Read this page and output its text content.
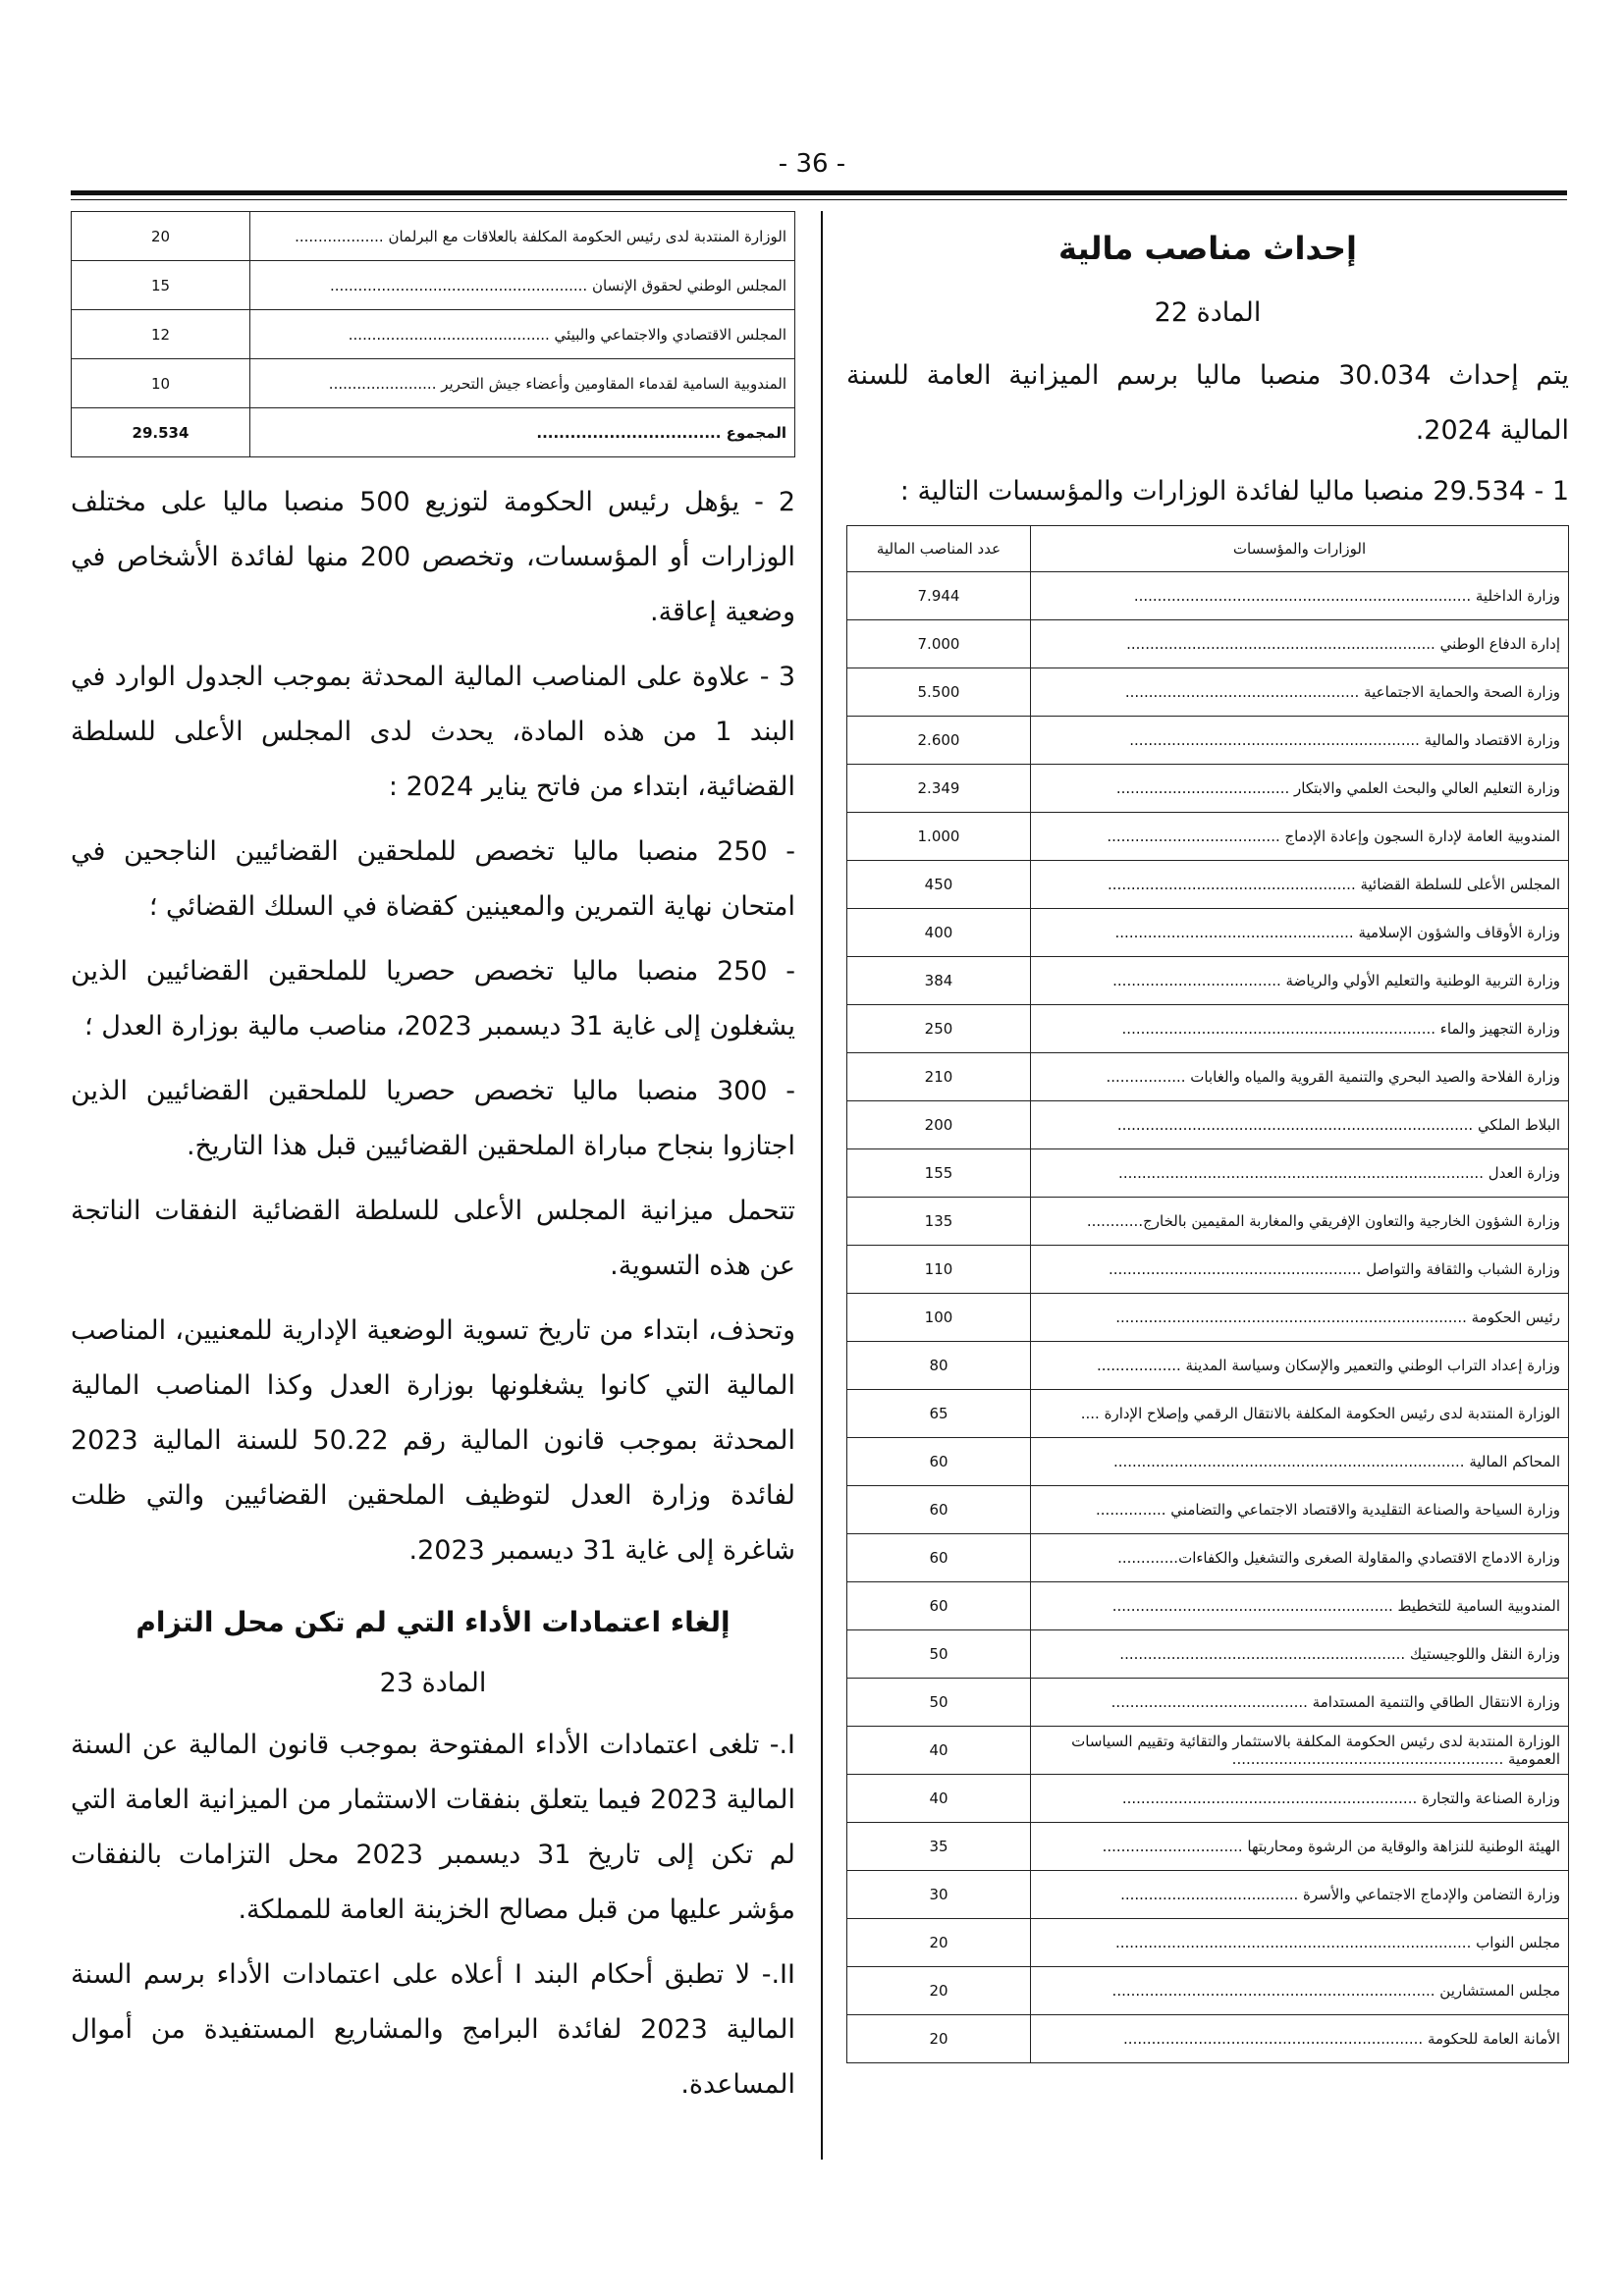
- 36 -
إحداث مناصب مالية
المادة 22

يتم إحداث 30.034 منصبا ماليا برسم الميزانية العامة للسنة المالية 2024.

1 - 29.534 منصبا ماليا لفائدة الوزارات والمؤسسات التالية :

الوزارات والمؤسسات	عدد المناصب المالية
وزارة الداخلية ........................................................................	7.944
إدارة الدفاع الوطني ..................................................................	7.000
وزارة الصحة والحماية الاجتماعية ..................................................	5.500
وزارة الاقتصاد والمالية ..............................................................	2.600
وزارة التعليم العالي والبحث العلمي والابتكار .....................................	2.349
المندوبية العامة لإدارة السجون وإعادة الإدماج .....................................	1.000
المجلس الأعلى للسلطة القضائية .....................................................	450
وزارة الأوقاف والشؤون الإسلامية ...................................................	400
وزارة التربية الوطنية والتعليم الأولي والرياضة ....................................	384
وزارة التجهيز والماء ...................................................................	250
وزارة الفلاحة والصيد البحري والتنمية القروية والمياه والغابات .................	210
البلاط الملكي ............................................................................	200
وزارة العدل ..............................................................................	155
وزارة الشؤون الخارجية والتعاون الإفريقي والمغاربة المقيمين بالخارج............	135
وزارة الشباب والثقافة والتواصل ......................................................	110
رئيس الحكومة ...........................................................................	100
وزارة إعداد التراب الوطني والتعمير والإسكان وسياسة المدينة ..................	80
الوزارة المنتدبة لدى رئيس الحكومة المكلفة بالانتقال الرقمي وإصلاح الإدارة ....	65
المحاكم المالية ...........................................................................	60
وزارة السياحة والصناعة التقليدية والاقتصاد الاجتماعي والتضامني ...............	60
وزارة الادماج الاقتصادي والمقاولة الصغرى والتشغيل والكفاءات.............	60
المندوبية السامية للتخطيط ............................................................	60
وزارة النقل واللوجيستيك .............................................................	50
وزارة الانتقال الطاقي والتنمية المستدامة ..........................................	50
الوزارة المنتدبة لدى رئيس الحكومة المكلفة بالاستثمار والتقائية وتقييم السياسات العمومية ..........................................................	40
وزارة الصناعة والتجارة ...............................................................	40
الهيئة الوطنية للنزاهة والوقاية من الرشوة ومحاربتها ..............................	35
وزارة التضامن والإدماج الاجتماعي والأسرة ......................................	30
مجلس النواب ............................................................................	20
مجلس المستشارين .....................................................................	20
الأمانة العامة للحكومة ................................................................	20
الوزارة المنتدبة لدى رئيس الحكومة المكلفة بالعلاقات مع البرلمان ...................	20
المجلس الوطني لحقوق الإنسان .......................................................	15
المجلس الاقتصادي والاجتماعي والبيئي ...........................................	12
المندوبية السامية لقدماء المقاومين وأعضاء جيش التحرير .......................	10
المجموع .................................	29.534

2 - يؤهل رئيس الحكومة لتوزيع 500 منصبا ماليا على مختلف الوزارات أو المؤسسات، وتخصص 200 منها لفائدة الأشخاص في وضعية إعاقة.

3 - علاوة على المناصب المالية المحدثة بموجب الجدول الوارد في البند 1 من هذه المادة، يحدث لدى المجلس الأعلى للسلطة القضائية، ابتداء من فاتح يناير 2024 :

- 250 منصبا ماليا تخصص للملحقين القضائيين الناجحين في امتحان نهاية التمرين والمعينين كقضاة في السلك القضائي ؛

- 250 منصبا ماليا تخصص حصريا للملحقين القضائيين الذين يشغلون إلى غاية 31 ديسمبر 2023، مناصب مالية بوزارة العدل ؛

- 300 منصبا ماليا تخصص حصريا للملحقين القضائيين الذين اجتازوا بنجاح مباراة الملحقين القضائيين قبل هذا التاريخ.

تتحمل ميزانية المجلس الأعلى للسلطة القضائية النفقات الناتجة عن هذه التسوية.

وتحذف، ابتداء من تاريخ تسوية الوضعية الإدارية للمعنيين، المناصب المالية التي كانوا يشغلونها بوزارة العدل وكذا المناصب المالية المحدثة بموجب قانون المالية رقم 50.22 للسنة المالية 2023 لفائدة وزارة العدل لتوظيف الملحقين القضائيين والتي ظلت شاغرة إلى غاية 31 ديسمبر 2023.

إلغاء اعتمادات الأداء التي لم تكن محل التزام
المادة 23

I.- تلغى اعتمادات الأداء المفتوحة بموجب قانون المالية عن السنة المالية 2023 فيما يتعلق بنفقات الاستثمار من الميزانية العامة التي لم تكن إلى تاريخ 31 ديسمبر 2023 محل التزامات بالنفقات مؤشر عليها من قبل مصالح الخزينة العامة للمملكة.

II.- لا تطبق أحكام البند I أعلاه على اعتمادات الأداء برسم السنة المالية 2023 لفائدة البرامج والمشاريع المستفيدة من أموال المساعدة.
